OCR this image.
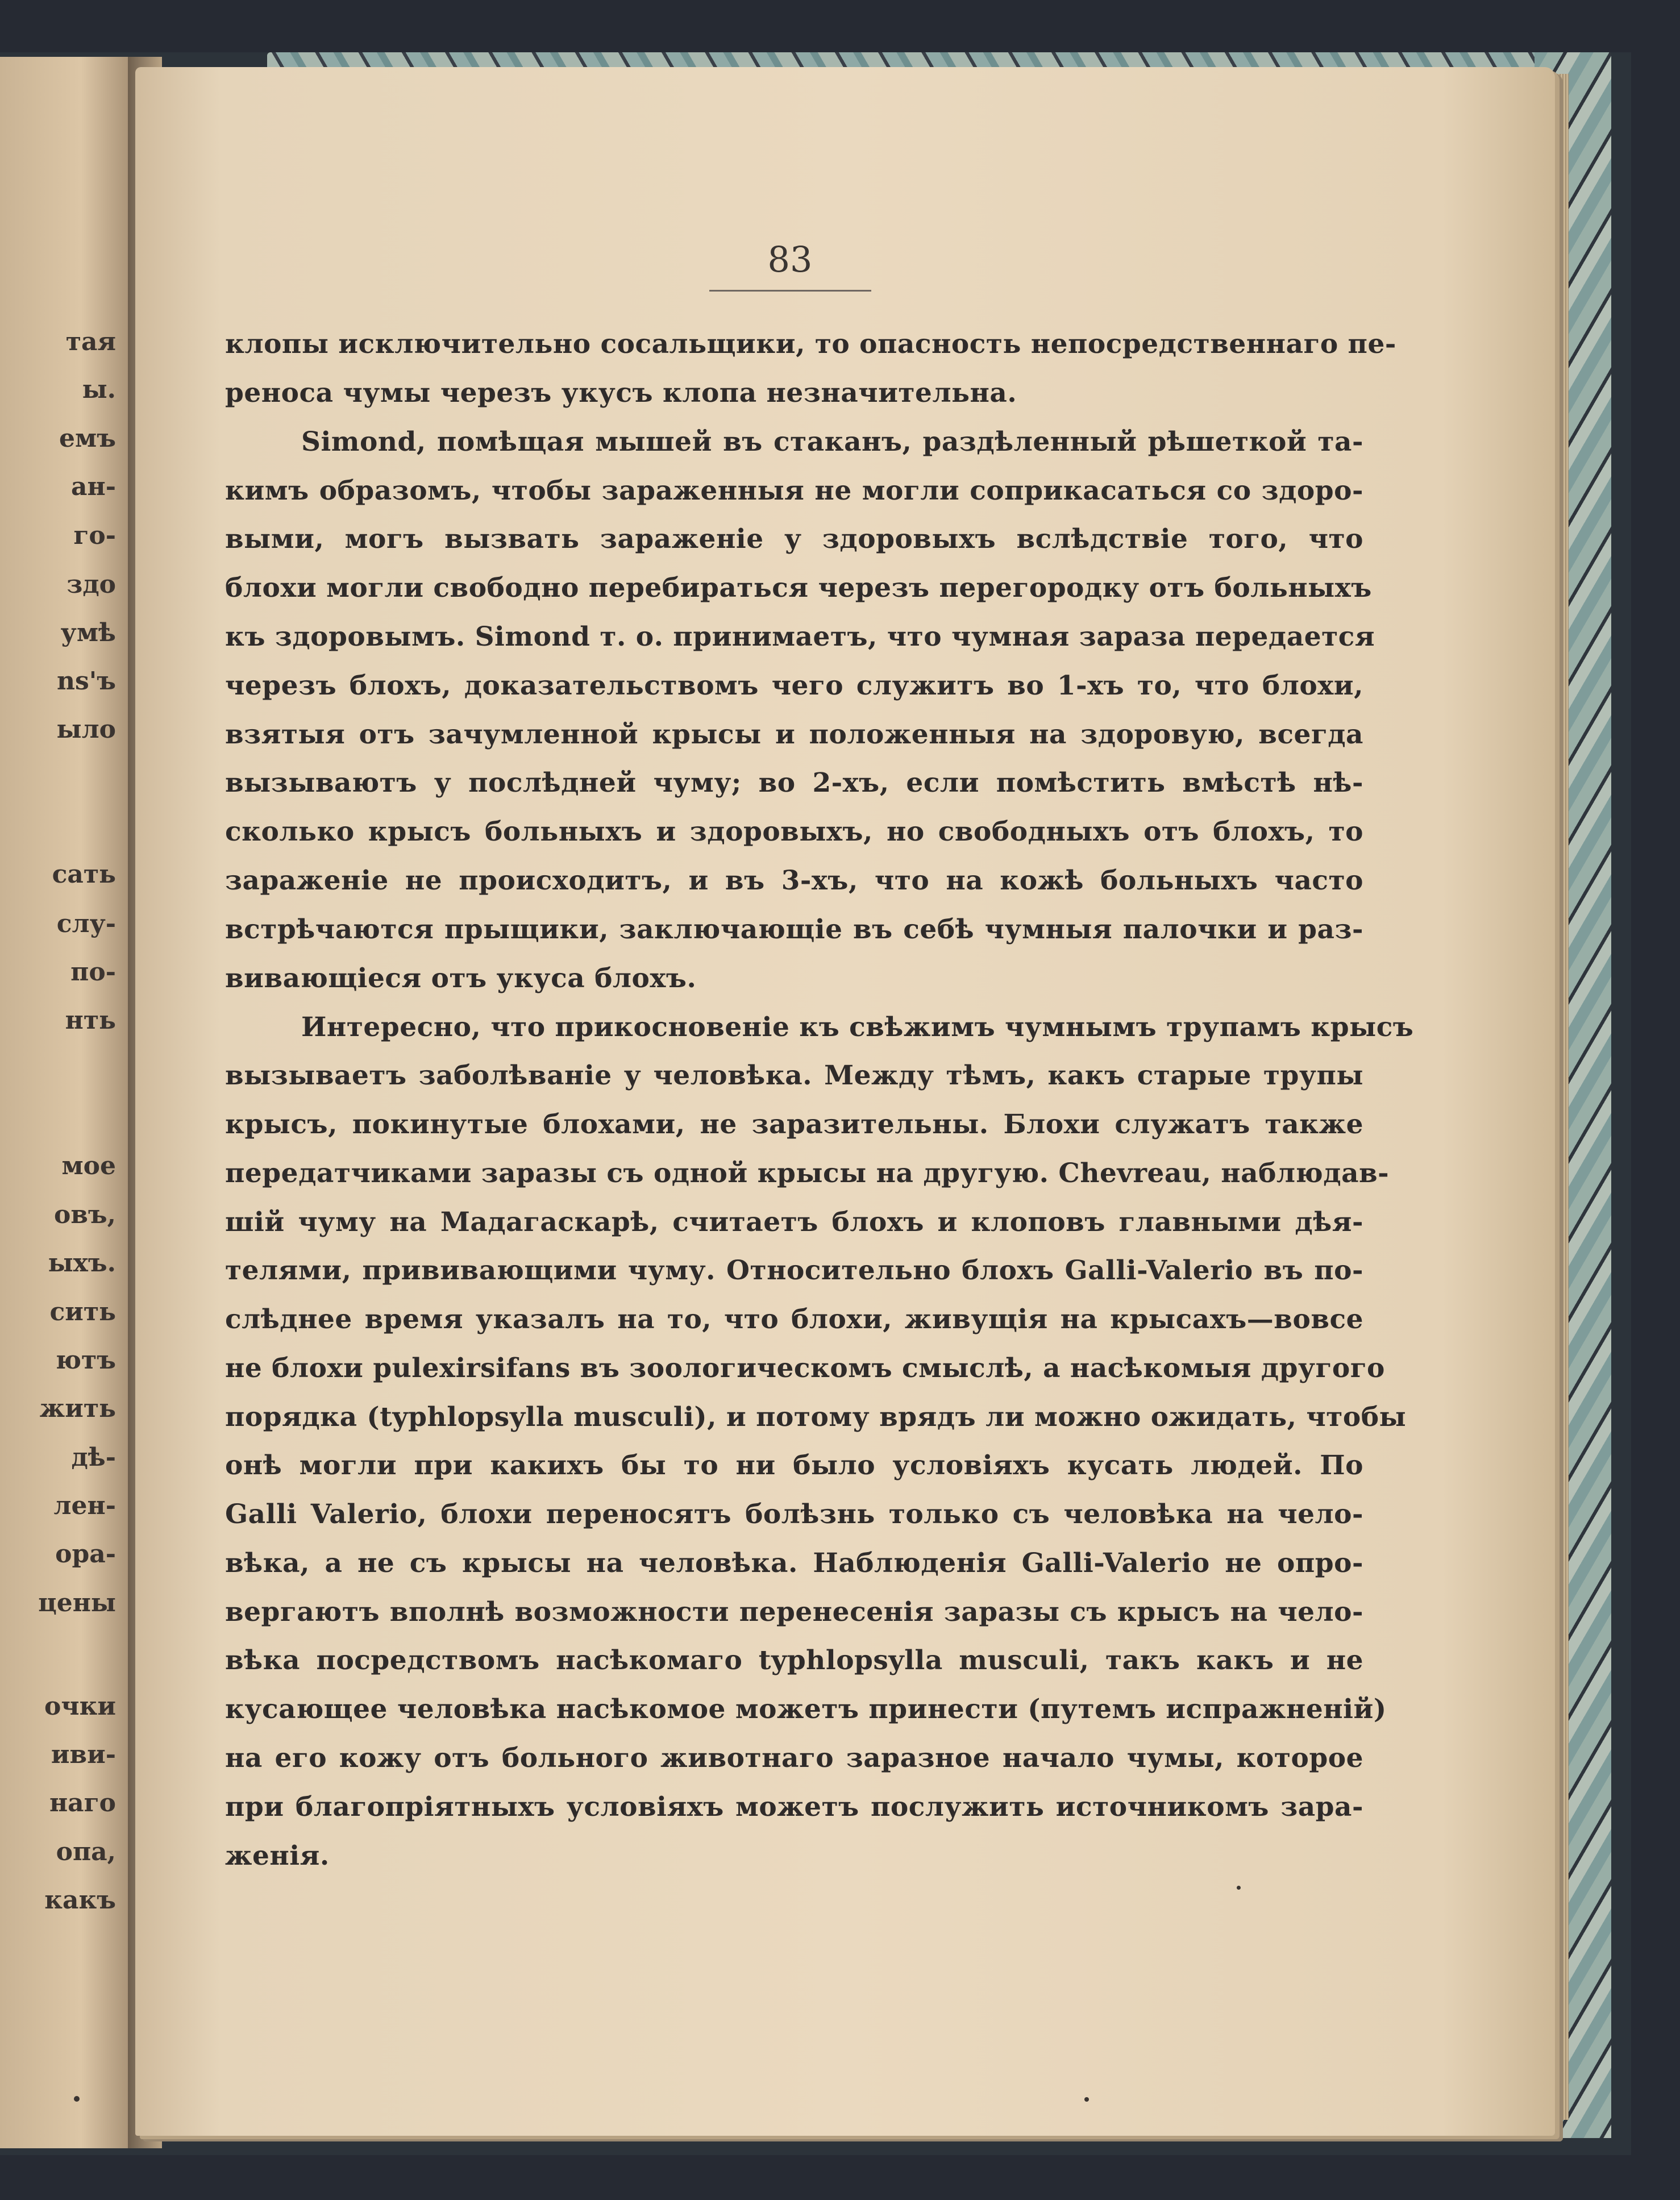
тая
ы.
емъ
ан-
го-
здо
умѣ
ns'ъ
ыло
сать
слу-
по-
нть
мое
овъ,
ыхъ.
сить
ютъ
жить
дѣ-
лен-
ора-
цены
очки
иви-
наго
опа,
какъ
83
клопы исключительно сосальщики, то опасность непосредственнаго пе-
реноса чумы черезъ укусъ клопа незначительна.
Simond, помѣщая мышей въ стаканъ, раздѣленный рѣшеткой та-
кимъ образомъ, чтобы зараженныя не могли соприкасаться со здоро-
выми, могъ вызвать зараженіе у здоровыхъ вслѣдствіе того, что
блохи могли свободно перебираться черезъ перегородку отъ больныхъ
къ здоровымъ. Simond т. о. принимаетъ, что чумная зараза передается
черезъ блохъ, доказательствомъ чего служитъ во 1-хъ то, что блохи,
взятыя отъ зачумленной крысы и положенныя на здоровую, всегда
вызываютъ у послѣдней чуму; во 2-хъ, если помѣстить вмѣстѣ нѣ-
сколько крысъ больныхъ и здоровыхъ, но свободныхъ отъ блохъ, то
зараженіе не происходитъ, и въ 3-хъ, что на кожѣ больныхъ часто
встрѣчаются прыщики, заключающіе въ себѣ чумныя палочки и раз-
вивающіеся отъ укуса блохъ.
Интересно, что прикосновеніе къ свѣжимъ чумнымъ трупамъ крысъ
вызываетъ заболѣваніе у человѣка. Между тѣмъ, какъ старые трупы
крысъ, покинутые блохами, не заразительны. Блохи служатъ также
передатчиками заразы съ одной крысы на другую. Chevreau, наблюдав-
шій чуму на Мадагаскарѣ, считаетъ блохъ и клоповъ главными дѣя-
телями, прививающими чуму. Относительно блохъ Galli-Valerio въ по-
слѣднее время указалъ на то, что блохи, живущія на крысахъ—вовсе
не блохи pulexirsifans въ зоологическомъ смыслѣ, а насѣкомыя другого
порядка (typhlopsylla musculi), и потому врядъ ли можно ожидать, чтобы
онѣ могли при какихъ бы то ни было условіяхъ кусать людей. По
Galli Valerio, блохи переносятъ болѣзнь только съ человѣка на чело-
вѣка, а не съ крысы на человѣка. Наблюденія Galli-Valerio не опро-
вергаютъ вполнѣ возможности перенесенія заразы съ крысъ на чело-
вѣка посредствомъ насѣкомаго typhlopsylla musculi, такъ какъ и не
кусающее человѣка насѣкомое можетъ принести (путемъ испражненій)
на его кожу отъ больного животнаго заразное начало чумы, которое
при благопріятныхъ условіяхъ можетъ послужить источникомъ зара-
женія.
